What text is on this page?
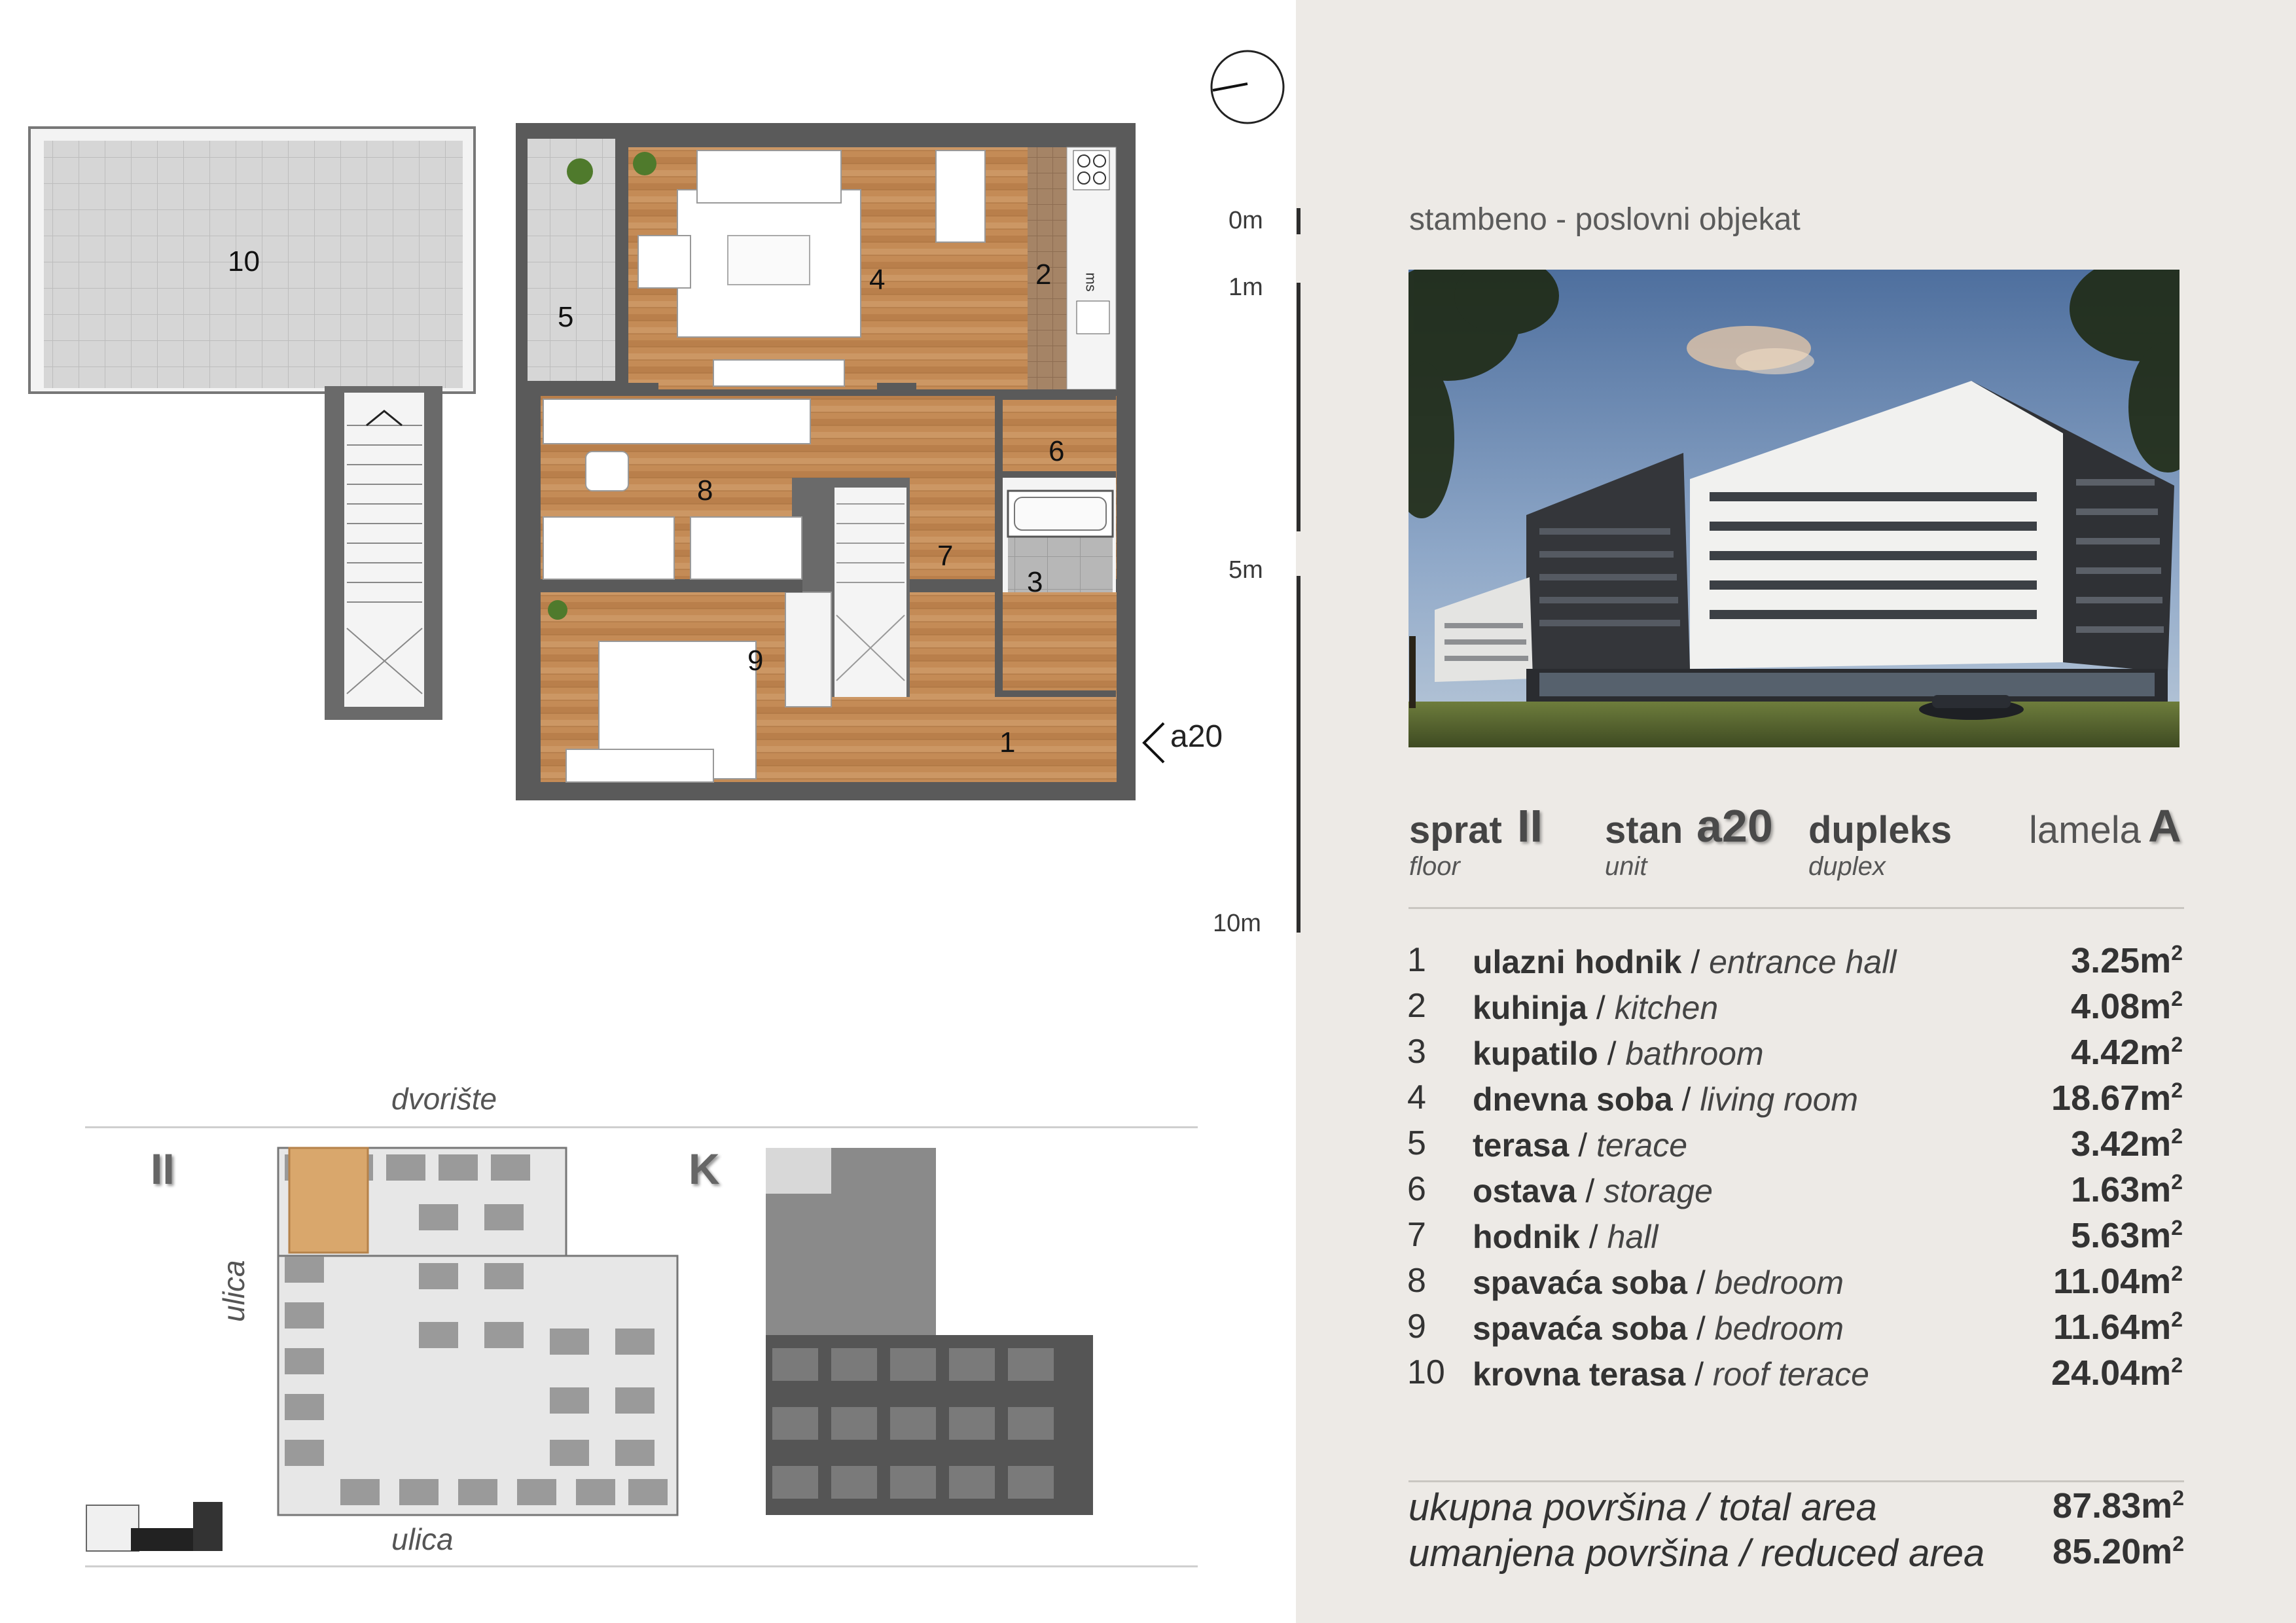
0m
1m
5m
10m
stambeno - poslovni objekat
sprat II
floor
stan a20
unit
dupleks
duplex
lamela A
1 ulazni hodnik / entrance hall	$3.25m^2$
2 kuhinja / kitchen	$4.08m^2$
3 kupatilo / bathroom	$4.42m^2$
4 dnevna soba / living room	$18.67m^2$
5 terasa / terace	$3.42m^2$
6 ostava / storage	$1.63m^2$
7 hodnik / hall	$5.63m^2$
8 spavaća soba / bedroom	$11.04m^2$
9 spavaća soba / bedroom	$11.64m^2$
10 krovna terasa / roof terace	$24.04m^2$
ukupna površina / total area	$87.83m^2$
umanjena površina / reduced area $85.20m^2$
1
2
3
4
5
6
7
8
9
10
ms
a20
dvorište
ulica
ulica
II	K
